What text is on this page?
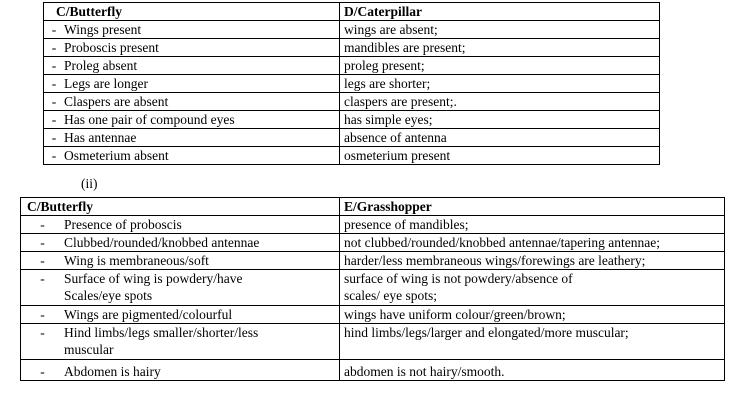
C/Butterfly	D/Caterpillar
- Wings present	wings are absent;
- Proboscis present	mandibles are present;
- Proleg absent	proleg present;
- Legs are longer	legs are shorter;
- Claspers are absent	claspers are present;.
- Has one pair of compound eyes	has simple eyes;
- Has antennae	absence of antenna
- Osmeterium absent	osmeterium present
(ii)
C/Butterfly	E/Grasshopper
- Presence of proboscis	presence of mandibles;
- Clubbed/rounded/knobbed antennae	not clubbed/rounded/knobbed antennae/tapering antennae;
- Wing is membraneous/soft	harder/less membraneous wings/forewings are leathery;
- Surface of wing is powdery/have
Scales/eye spots	surface of wing is not powdery/absence of
scales/ eye spots;
- Wings are pigmented/colourful	wings have uniform colour/green/brown;
- Hind limbs/legs smaller/shorter/less
muscular	hind limbs/legs/larger and elongated/more muscular;
- Abdomen is hairy	abdomen is not hairy/smooth.
